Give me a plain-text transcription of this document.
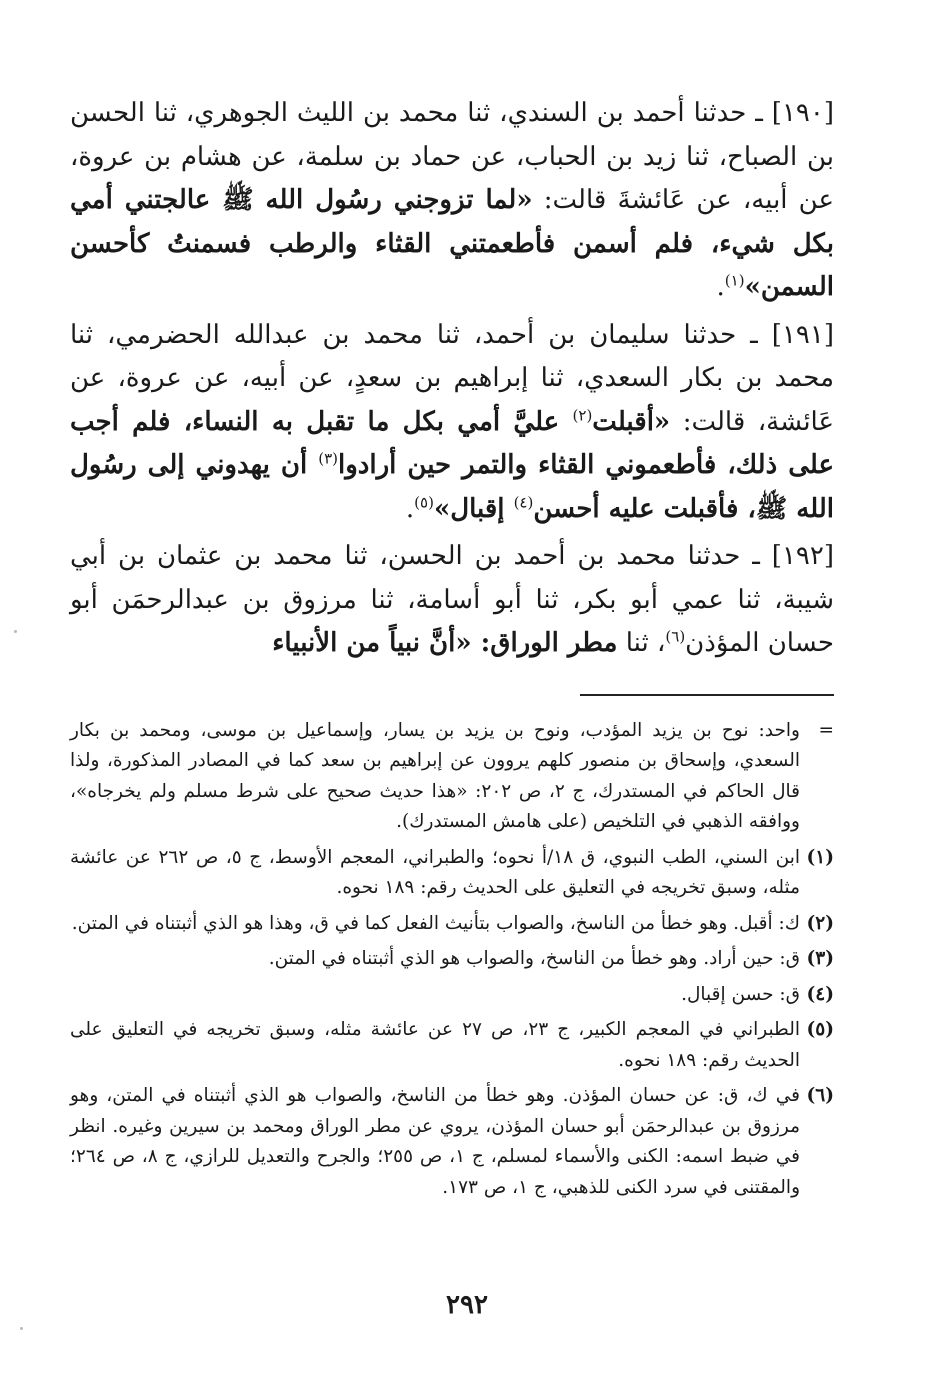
[١٩٠] ـ حدثنا أحمد بن السندي، ثنا محمد بن الليث الجوهري، ثنا الحسن بن الصباح، ثنا زيد بن الحباب، عن حماد بن سلمة، عن هشام بن عروة، عن أبيه، عن عَائشةَ قالت: «لما تزوجني رسُول الله ﷺ عالجتني أمي بكل شيء، فلم أسمن فأطعمتني القثاء والرطب فسمنتُ كأحسن السمن»$^{(١)}$.

[١٩١] ـ حدثنا سليمان بن أحمد، ثنا محمد بن عبدالله الحضرمي، ثنا محمد بن بكار السعدي، ثنا إبراهيم بن سعدٍ، عن أبيه، عن عروة، عن عَائشة، قالت: «أقبلت$^{(٢)}$ عليَّ أمي بكل ما تقبل به النساء، فلم أجب على ذلك، فأطعموني القثاء والتمر حين أرادوا$^{(٣)}$ أن يهدوني إلى رسُول الله ﷺ، فأقبلت عليه أحسن$^{(٤)}$ إقبال»$^{(٥)}$.

[١٩٢] ـ حدثنا محمد بن أحمد بن الحسن، ثنا محمد بن عثمان بن أبي شيبة، ثنا عمي أبو بكر، ثنا أبو أسامة، ثنا مرزوق بن عبدالرحمَن أبو حسان المؤذن$^{(٦)}$، ثنا مطر الوراق: «أنَّ نبياً من الأنبياء

=
واحد: نوح بن يزيد المؤدب، ونوح بن يزيد بن يسار، وإسماعيل بن موسى، ومحمد بن بكار السعدي، وإسحاق بن منصور كلهم يروون عن إبراهيم بن سعد كما في المصادر المذكورة، ولذا قال الحاكم في المستدرك، ج ٢، ص ٢٠٢: «هذا حديث صحيح على شرط مسلم ولم يخرجاه»، ووافقه الذهبي في التلخيص (على هامش المستدرك).
(١)
ابن السني، الطب النبوي، ق ١٨/أ نحوه؛ والطبراني، المعجم الأوسط، ج ٥، ص ٢٦٢ عن عائشة مثله، وسبق تخريجه في التعليق على الحديث رقم: ١٨٩ نحوه.
(٢)
ك: أقبل. وهو خطأ من الناسخ، والصواب بتأنيث الفعل كما في ق، وهذا هو الذي أثبتناه في المتن.
(٣)
ق: حين أراد. وهو خطأ من الناسخ، والصواب هو الذي أثبتناه في المتن.
(٤)
ق: حسن إقبال.
(٥)
الطبراني في المعجم الكبير، ج ٢٣، ص ٢٧ عن عائشة مثله، وسبق تخريجه في التعليق على الحديث رقم: ١٨٩ نحوه.
(٦)
في ك، ق: عن حسان المؤذن. وهو خطأ من الناسخ، والصواب هو الذي أثبتناه في المتن، وهو مرزوق بن عبدالرحمَن أبو حسان المؤذن، يروي عن مطر الوراق ومحمد بن سيرين وغيره. انظر في ضبط اسمه: الكنى والأسماء لمسلم، ج ١، ص ٢٥٥؛ والجرح والتعديل للرازي، ج ٨، ص ٢٦٤؛ والمقتنى في سرد الكنى للذهبي، ج ١، ص ١٧٣.
٢٩٢
